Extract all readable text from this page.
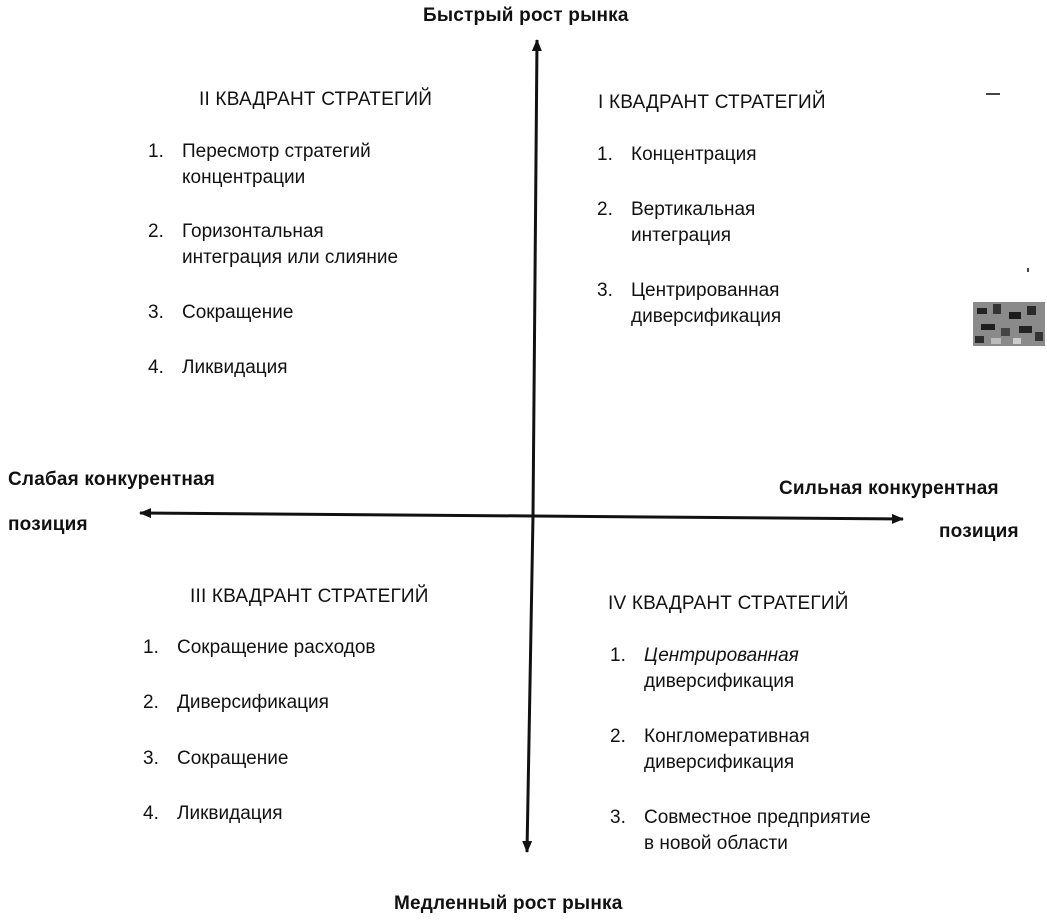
Быстрый рост рынка
Медленный рост рынка
Слабая конкурентная
позиция
Сильная конкурентная
позиция
II КВАДРАНТ СТРАТЕГИЙ
1. Пересмотр стратегий
концентрации
2. Горизонтальная
интеграция или слияние
3. Сокращение
4. Ликвидация
I КВАДРАНТ СТРАТЕГИЙ
1. Концентрация
2. Вертикальная
интеграция
3. Центрированная
диверсификация
III КВАДРАНТ СТРАТЕГИЙ
1. Сокращение расходов
2. Диверсификация
3. Сокращение
4. Ликвидация
IV КВАДРАНТ СТРАТЕГИЙ
1. Центрированная
диверсификация
2. Конгломеративная
диверсификация
3. Совместное предприятие
в новой области
